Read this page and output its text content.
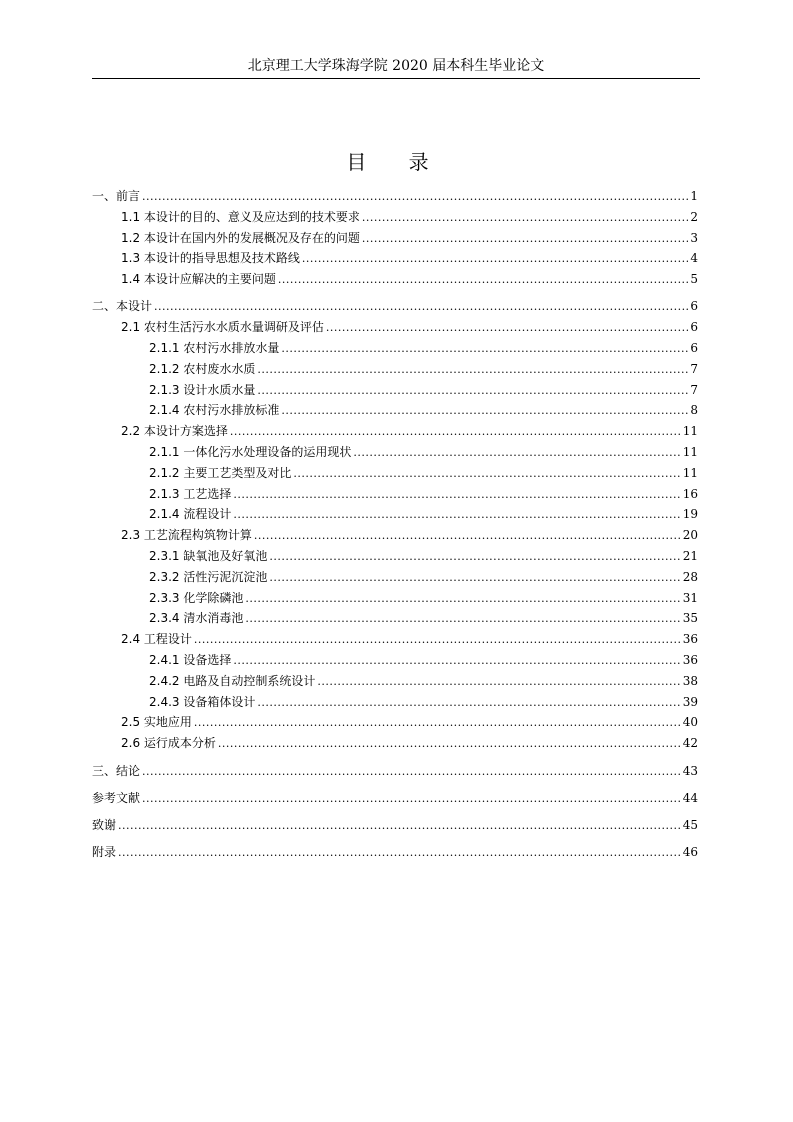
北京理工大学珠海学院 2020 届本科生毕业论文
目 录
一、前言 .....	1
1.1 本设计的目的、意义及应达到的技术要求 .....	2
1.2 本设计在国内外的发展概况及存在的问题 .....	3
1.3 本设计的指导思想及技术路线 .....	4
1.4 本设计应解决的主要问题 .....	5
二、本设计 .....	6
2.1 农村生活污水水质水量调研及评估 .....	6
2.1.1 农村污水排放水量 .....	6
2.1.2 农村废水水质 .....	7
2.1.3 设计水质水量 .....	7
2.1.4 农村污水排放标准 .....	8
2.2 本设计方案选择 .....	11
2.1.1 一体化污水处理设备的运用现状 .....	11
2.1.2 主要工艺类型及对比 .....	11
2.1.3 工艺选择 .....	16
2.1.4 流程设计 .....	19
2.3 工艺流程构筑物计算 .....	20
2.3.1 缺氧池及好氧池 .....	21
2.3.2 活性污泥沉淀池 .....	28
2.3.3 化学除磷池 .....	31
2.3.4 清水消毒池 .....	35
2.4 工程设计 .....	36
2.4.1 设备选择 .....	36
2.4.2 电路及自动控制系统设计 .....	38
2.4.3 设备箱体设计 .....	39
2.5 实地应用 .....	40
2.6 运行成本分析 .....	42
三、结论 .....	43
参考文献 .....	44
致谢 .....	45
附录 .....	46
